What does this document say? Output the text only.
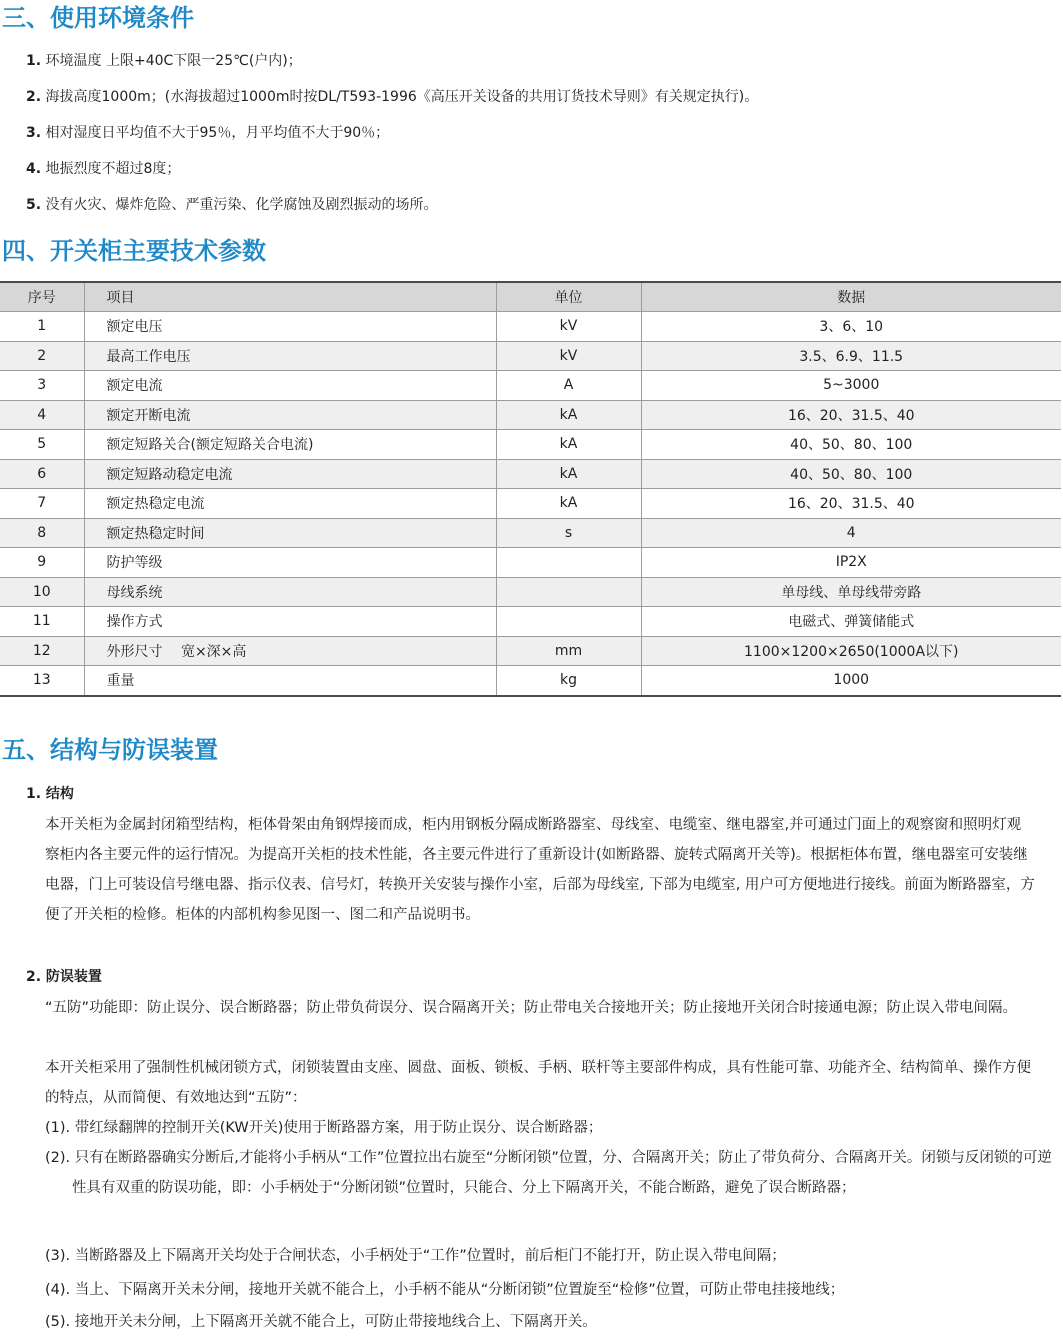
三、使用环境条件
1. 环境温度 上限+40C下限一25℃(户内)；
2. 海拔高度1000m；(水海拔超过1000m时按DL/T593-1996《高压开关设备的共用订货技术导则》有关规定执行)。
3. 相对湿度日平均值不大于95％，月平均值不大于90％；
4. 地振烈度不超过8度；
5. 没有火灾、爆炸危险、严重污染、化学腐蚀及剧烈振动的场所。
四、开关柜主要技术参数
序号	项目	单位	数据
1	额定电压	kV	3、6、10
2	最高工作电压	kV	3.5、6.9、11.5
3	额定电流	A	5~3000
4	额定开断电流	kA	16、20、31.5、40
5	额定短路关合(额定短路关合电流)	kA	40、50、80、100
6	额定短路动稳定电流	kA	40、50、80、100
7	额定热稳定电流	kA	16、20、31.5、40
8	额定热稳定时间	s	4
9	防护等级		IP2X
10	母线系统		单母线、单母线带旁路
11	操作方式		电磁式、弹簧储能式
12	外形尺寸　 宽×深×高	mm	1100×1200×2650(1000A以下)
13	重量	kg	1000
五、结构与防误装置

1. 结构

本开关柜为金属封闭箱型结构，柜体骨架由角钢焊接而成，柜内用钢板分隔成断路器室、母线室、电缆室、继电器室,并可通过门面上的观察窗和照明灯观察柜内各主要元件的运行情况。为提高开关柜的技术性能，各主要元件进行了重新设计(如断路器、旋转式隔离开关等)。根据柜体布置，继电器室可安装继电器，门上可装设信号继电器、指示仪表、信号灯，转换开关安装与操作小室，后部为母线室, 下部为电缆室, 用户可方便地进行接线。前面为断路器室，方便了开关柜的检修。柜体的内部机构参见图一、图二和产品说明书。

2. 防误装置

“五防”功能即：防止误分、误合断路器；防止带负荷误分、误合隔离开关；防止带电关合接地开关；防止接地开关闭合时接通电源；防止误入带电间隔。

本开关柜采用了强制性机械闭锁方式，闭锁装置由支座、圆盘、面板、锁板、手柄、联杆等主要部件构成，具有性能可靠、功能齐全、结构简单、操作方便的特点，从而简便、有效地达到“五防”：

(1). 带红绿翻牌的控制开关(KW开关)使用于断路器方案，用于防止误分、误合断路器；

(2). 只有在断路器确实分断后,才能将小手柄从“工作”位置拉出右旋至“分断闭锁”位置，分、合隔离开关；防止了带负荷分、合隔离开关。闭锁与反闭锁的可逆性具有双重的防误功能，即：小手柄处于“分断闭锁”位置时，只能合、分上下隔离开关，不能合断路，避免了误合断路器；

(3). 当断路器及上下隔离开关均处于合闸状态，小手柄处于“工作”位置时，前后柜门不能打开，防止误入带电间隔；

(4). 当上、下隔离开关未分闸，接地开关就不能合上，小手柄不能从“分断闭锁”位置旋至“检修”位置，可防止带电挂接地线；

(5). 接地开关未分闸，上下隔离开关就不能合上，可防止带接地线合上、下隔离开关。
